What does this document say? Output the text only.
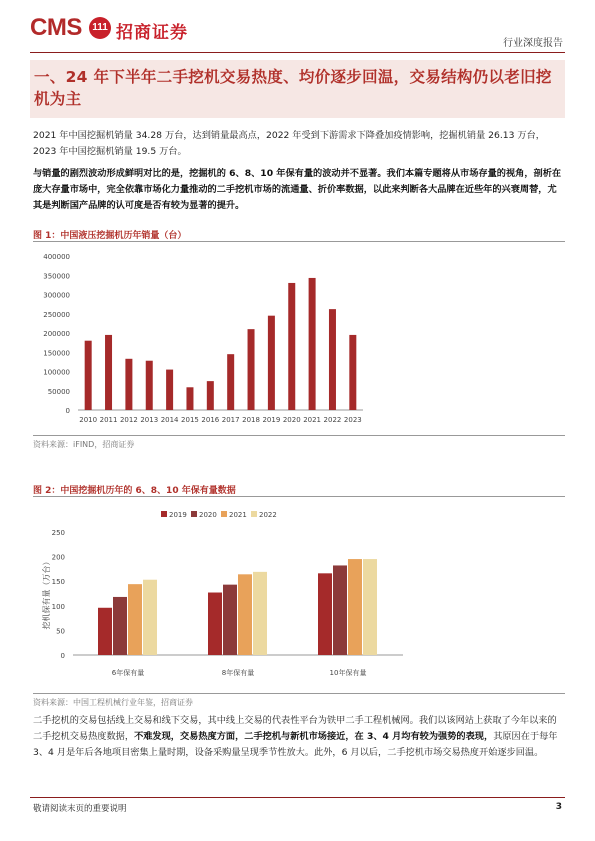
CMS	111 招商证券
行业深度报告
一、24 年下半年二手挖机交易热度、均价逐步回温，交易结构仍以老旧挖机为主
2021 年中国挖掘机销量 34.28 万台，达到销量最高点，2022 年受到下游需求下降叠加疫情影响，挖掘机销量 26.13 万台，2023 年中国挖掘机销量 19.5 万台。
与销量的剧烈波动形成鲜明对比的是，挖掘机的 6、8、10 年保有量的波动并不显著。我们本篇专题将从市场存量的视角，剖析在庞大存量市场中，完全依靠市场化力量推动的二手挖机市场的流通量、折价率数据，以此来判断各大品牌在近些年的兴衰周替，尤其是判断国产品牌的认可度是否有较为显著的提升。
图 1：中国液压挖掘机历年销量（台）
0
50000
100000
150000
200000
250000
300000
350000
400000
2010 2011 2012 2013 2014 2015 2016 2017 2018 2019 2020 2021 2022 2023
资料来源：iFIND，招商证券
图 2：中国挖掘机历年的 6、8、10 年保有量数据
0
50
100
150
200
250
挖机保有量（万台）
2019 2020 2021 2022
6年保有量	8年保有量	10年保有量
资料来源：中国工程机械行业年鉴，招商证券
二手挖机的交易包括线上交易和线下交易，其中线上交易的代表性平台为铁甲二手工程机械网。我们以该网站上获取了今年以来的二手挖机交易热度数据，不难发现，交易热度方面，二手挖机与新机市场接近，在 3、4 月均有较为强势的表现，其原因在于每年 3、4 月是年后各地项目密集上量时期，设备采购量呈现季节性放大。此外，6 月以后，二手挖机市场交易热度开始逐步回温。
敬请阅读末页的重要说明	3
